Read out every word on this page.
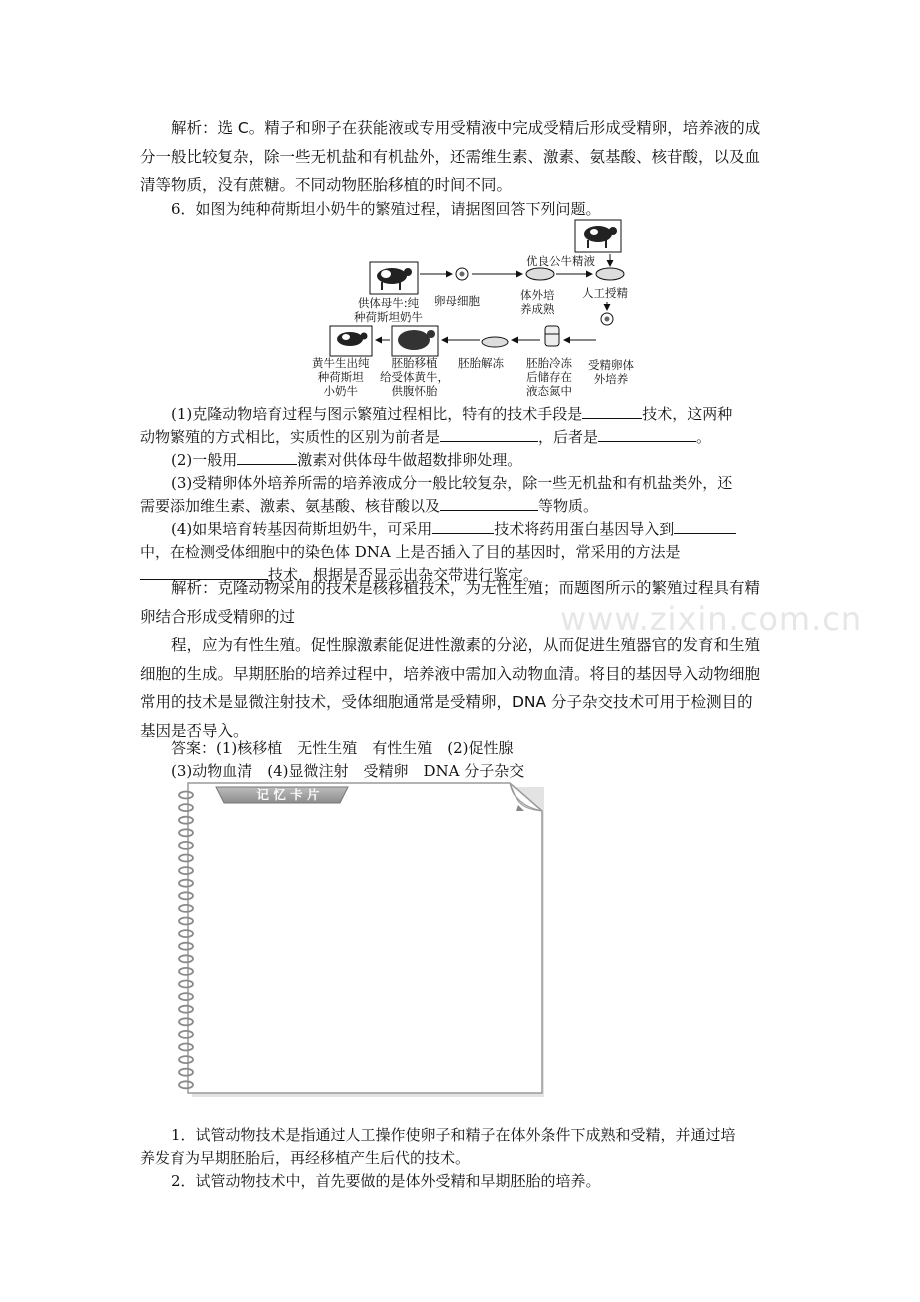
解析：选 C。精子和卵子在获能液或专用受精液中完成受精后形成受精卵，培养液的成
分一般比较复杂，除一些无机盐和有机盐外，还需维生素、激素、氨基酸、核苷酸，以及血
清等物质，没有蔗糖。不同动物胚胎移植的时间不同。
6．如图为纯种荷斯坦小奶牛的繁殖过程，请据图回答下列问题。
供体母牛:纯
种荷斯坦奶牛
卵母细胞	体外培
养成熟
优良公牛精液
人工授精
受精卵体
外培养
胚胎冷冻
后储存在
液态氮中
胚胎解冻
胚胎移植
给受体黄牛，
供腹怀胎
黄牛生出纯
种荷斯坦
小奶牛
(1)克隆动物培育过程与图示繁殖过程相比，特有的技术手段是	技术，这两种
动物繁殖的方式相比，实质性的区别为前者是	，后者是	。
(2)一般用	激素对供体母牛做超数排卵处理。
(3)受精卵体外培养所需的培养液成分一般比较复杂，除一些无机盐和有机盐类外，还
需要添加维生素、激素、氨基酸、核苷酸以及	等物质。
(4)如果培育转基因荷斯坦奶牛，可采用	技术将药用蛋白基因导入到
中，在检测受体细胞中的染色体 DNA 上是否插入了目的基因时，常采用的方法是
技术，根据是否显示出杂交带进行鉴定。
解析：克隆动物采用的技术是核移植技术，为无性生殖；而题图所示的繁殖过程具有精
卵结合形成受精卵的过
程，应为有性生殖。促性腺激素能促进性激素的分泌，从而促进生殖器官的发育和生殖
细胞的生成。早期胚胎的培养过程中，培养液中需加入动物血清。将目的基因导入动物细胞
常用的技术是显微注射技术，受体细胞通常是受精卵，DNA 分子杂交技术可用于检测目的
基因是否导入。
答案：(1)核移植　无性生殖　有性生殖　(2)促性腺
(3)动物血清　(4)显微注射　受精卵　DNA 分子杂交
www.zixin.com.cn
记 忆 卡 片
1．试管动物技术是指通过人工操作使卵子和精子在体外条件下成熟和受精，并通过培
养发育为早期胚胎后，再经移植产生后代的技术。
2．试管动物技术中，首先要做的是体外受精和早期胚胎的培养。
